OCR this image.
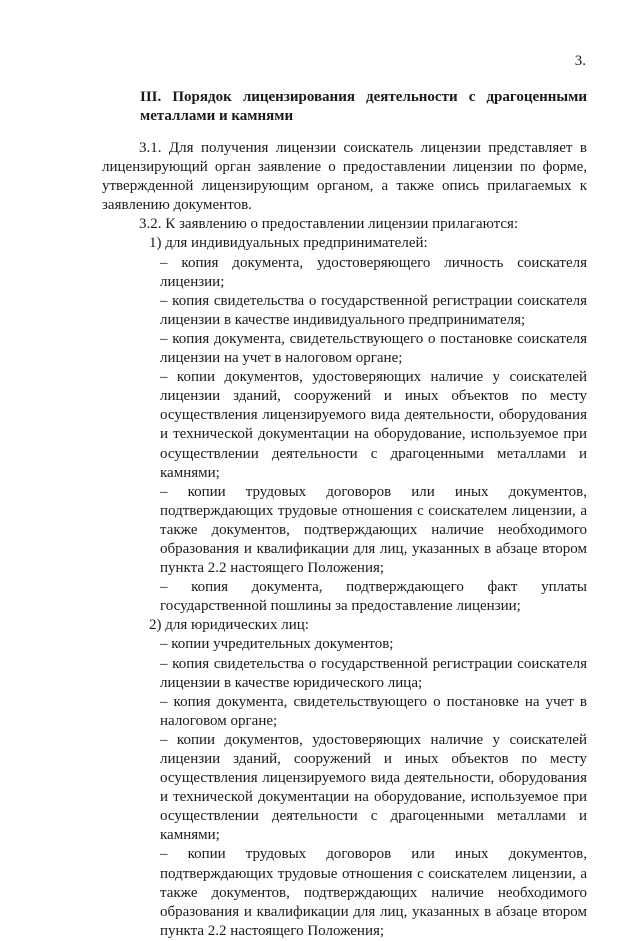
3.
III. Порядок лицензирования деятельности с драгоценными металлами и камнями

3.1. Для получения лицензии соискатель лицензии представляет в лицензирующий орган заявление о предоставлении лицензии по форме, утвержденной лицензирующим органом, а также опись прилагаемых к заявлению документов.

3.2. К заявлению о предоставлении лицензии прилагаются:

1) для индивидуальных предпринимателей:

– копия документа, удостоверяющего личность соискателя лицензии;

– копия свидетельства о государственной регистрации соискателя лицензии в качестве индивидуального предпринимателя;

– копия документа, свидетельствующего о постановке соискателя лицензии на учет в налоговом органе;

– копии документов, удостоверяющих наличие у соискателей лицензии зданий, сооружений и иных объектов по месту осуществления лицензируемого вида деятельности, оборудования и технической документации на оборудование, используемое при осуществлении деятельности с драгоценными металлами и камнями;

– копии трудовых договоров или иных документов, подтверждающих трудовые отношения с соискателем лицензии, а также документов, подтверждающих наличие необходимого образования и квалификации для лиц, указанных в абзаце втором пункта 2.2 настоящего Положения;

– копия документа, подтверждающего факт уплаты государственной пошлины за предоставление лицензии;

2) для юридических лиц:

– копии учредительных документов;

– копия свидетельства о государственной регистрации соискателя лицензии в качестве юридического лица;

– копия документа, свидетельствующего о постановке на учет в налоговом органе;

– копии документов, удостоверяющих наличие у соискателей лицензии зданий, сооружений и иных объектов по месту осуществления лицензируемого вида деятельности, оборудования и технической документации на оборудование, используемое при осуществлении деятельности с драгоценными металлами и камнями;

– копии трудовых договоров или иных документов, подтверждающих трудовые отношения с соискателем лицензии, а также документов, подтверждающих наличие необходимого образования и квалификации для лиц, указанных в абзаце втором пункта 2.2 настоящего Положения;
